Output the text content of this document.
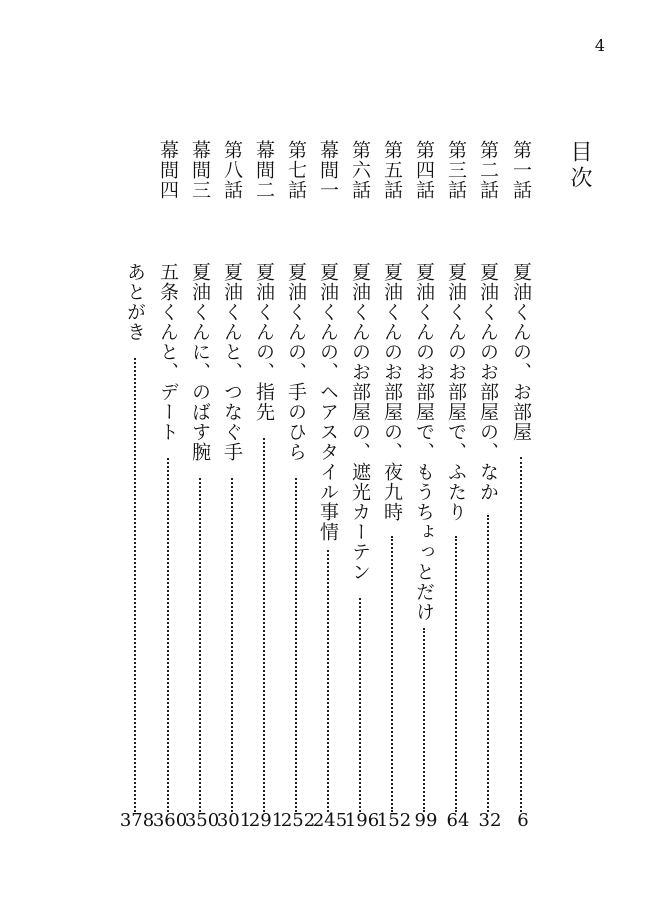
4
目次
第一話
夏油くんの、お部屋
6
第二話
夏油くんのお部屋の、なか
32
第三話
夏油くんのお部屋で、ふたり
64
第四話
夏油くんのお部屋で、もうちょっとだけ
99
第五話
夏油くんのお部屋の、夜九時
152
第六話
夏油くんのお部屋の、遮光カーテン
196
幕間一
夏油くんの、ヘアスタイル事情
245
第七話
夏油くんの、手のひら
252
幕間二
夏油くんの、指先
291
第八話
夏油くんと、つなぐ手
301
幕間三
夏油くんに、のばす腕
350
幕間四
五条くんと、デート
360
あとがき
378
